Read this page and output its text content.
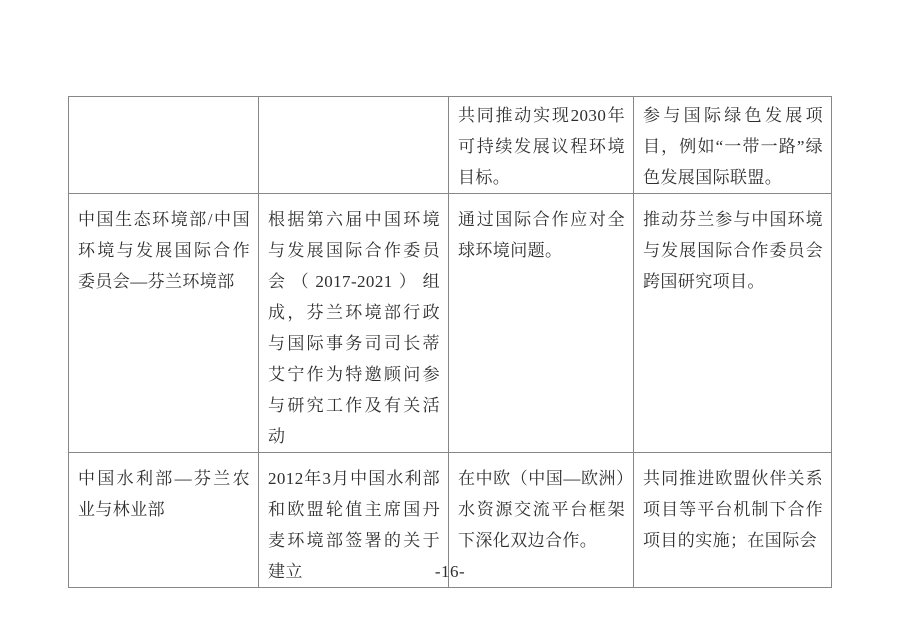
		共同推动实现2030年可持续发展议程环境目标。	参与国际绿色发展项目，例如“一带一路”绿色发展国际联盟。
中国生态环境部/中国环境与发展国际合作委员会—芬兰环境部	根据第六届中国环境与发展国际合作委员会（2017-2021）组成，芬兰环境部行政与国际事务司司长蒂艾宁作为特邀顾问参与研究工作及有关活动	通过国际合作应对全球环境问题。	推动芬兰参与中国环境与发展国际合作委员会跨国研究项目。
中国水利部—芬兰农业与林业部	2012年3月中国水利部和欧盟轮值主席国丹麦环境部签署的关于建立	在中欧（中国—欧洲）水资源交流平台框架下深化双边合作。	共同推进欧盟伙伴关系项目等平台机制下合作项目的实施；在国际会
-16-
